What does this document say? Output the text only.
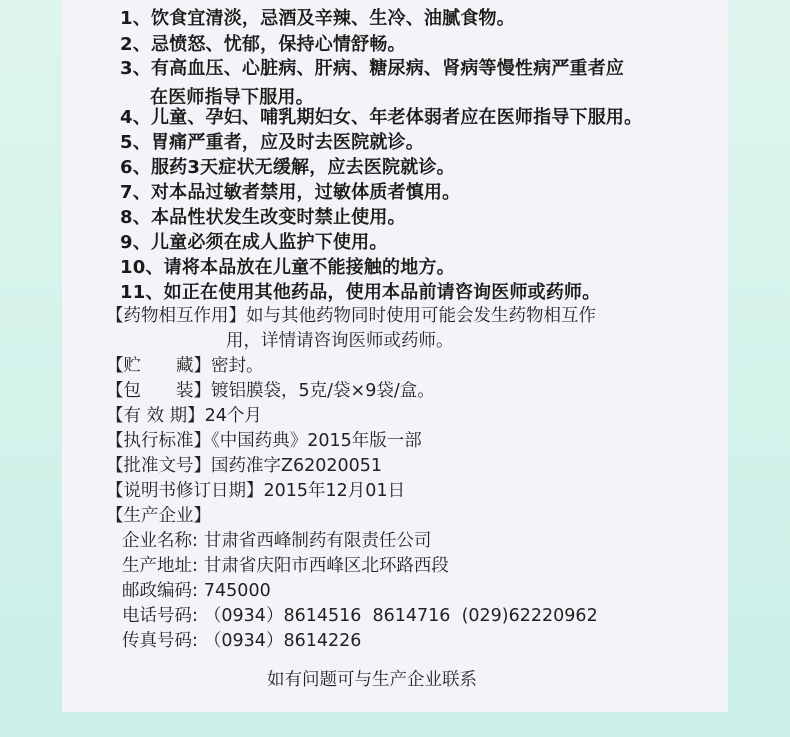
1、饮食宜清淡，忌酒及辛辣、生冷、油腻食物。
2、忌愤怒、忧郁，保持心情舒畅。
3、有高血压、心脏病、肝病、糖尿病、肾病等慢性病严重者应
在医师指导下服用。
4、儿童、孕妇、哺乳期妇女、年老体弱者应在医师指导下服用。
5、胃痛严重者，应及时去医院就诊。
6、服药3天症状无缓解，应去医院就诊。
7、对本品过敏者禁用，过敏体质者慎用。
8、本品性状发生改变时禁止使用。
9、儿童必须在成人监护下使用。
10、请将本品放在儿童不能接触的地方。
11、如正在使用其他药品，使用本品前请咨询医师或药师。
【药物相互作用】如与其他药物同时使用可能会发生药物相互作
用，详情请咨询医师或药师。
【贮　　藏】密封。
【包　　装】镀铝膜袋，5克/袋×9袋/盒。
【有 效 期】24个月
【执行标准】《中国药典》2015年版一部
【批准文号】国药准字Z62020051
【说明书修订日期】2015年12月01日
【生产企业】
企业名称: 甘肃省西峰制药有限责任公司
生产地址: 甘肃省庆阳市西峰区北环路西段
邮政编码: 745000
电话号码: （0934）8614516  8614716  (029)62220962
传真号码: （0934）8614226
如有问题可与生产企业联系
